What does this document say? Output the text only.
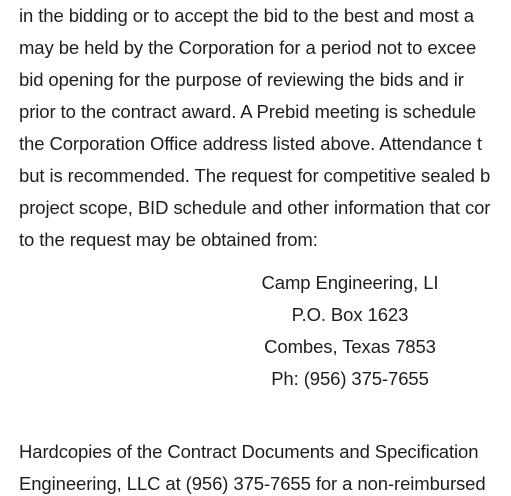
in the bidding or to accept the bid to the best and most a
may be held by the Corporation for a period not to excee
bid opening for the purpose of reviewing the bids and ir
prior to the contract award. A Prebid meeting is schedule
the Corporation Office address listed above. Attendance t
but is recommended. The request for competitive sealed b
project scope, BID schedule and other information that cor
to the request may be obtained from:
Camp Engineering, LI
P.O. Box 1623
Combes, Texas 7853
Ph: (956) 375-7655
Hardcopies of the Contract Documents and Specification
Engineering, LLC at (956) 375-7655 for a non-reimbursed
